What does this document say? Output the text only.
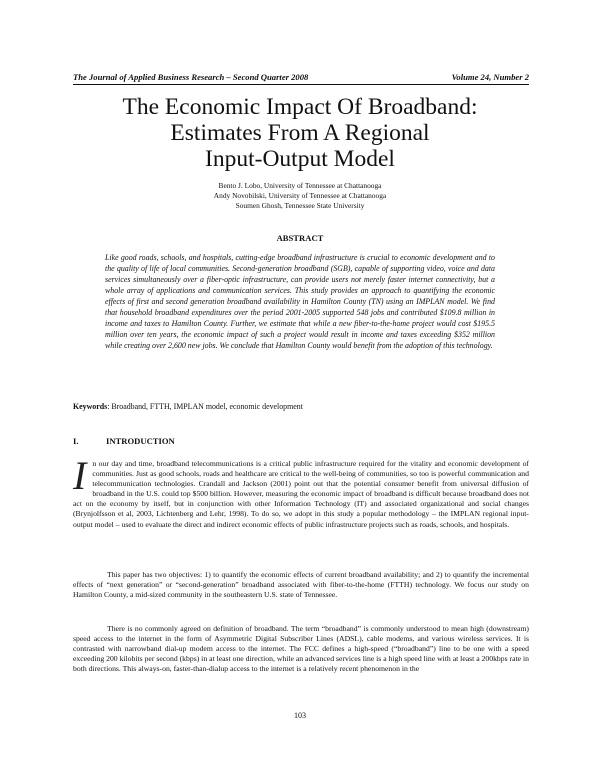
The Journal of Applied Business Research – Second Quarter 2008	Volume 24, Number 2
The Economic Impact Of Broadband:
Estimates From A Regional
Input-Output Model
Bento J. Lobo, University of Tennessee at Chattanooga
Andy Novobilski, University of Tennessee at Chattanooga
Soumen Ghosh, Tennessee State University
ABSTRACT
Like good roads, schools, and hospitals, cutting-edge broadband infrastructure is crucial to economic development and to the quality of life of local communities. Second-generation broadband (SGB), capable of supporting video, voice and data services simultaneously over a fiber-optic infrastructure, can provide users not merely faster internet connectivity, but a whole array of applications and communication services. This study provides an approach to quantifying the economic effects of first and second generation broadband availability in Hamilton County (TN) using an IMPLAN model. We find that household broadband expenditures over the period 2001-2005 supported 548 jobs and contributed $109.8 million in income and taxes to Hamilton County. Further, we estimate that while a new fiber-to-the-home project would cost $195.5 million over ten years, the economic impact of such a project would result in income and taxes exceeding $352 million while creating over 2,600 new jobs. We conclude that Hamilton County would benefit from the adoption of this technology.
Keywords: Broadband, FTTH, IMPLAN model, economic development
I.	INTRODUCTION
In our day and time, broadband telecommunications is a critical public infrastructure required for the vitality and economic development of communities. Just as good schools, roads and healthcare are critical to the well-being of communities, so too is powerful communication and telecommunication technologies. Crandall and Jackson (2001) point out that the potential consumer benefit from universal diffusion of broadband in the U.S. could top $500 billion. However, measuring the economic impact of broadband is difficult because broadband does not act on the economy by itself, but in conjunction with other Information Technology (IT) and associated organizational and social changes (Brynjolfsson et al, 2003, Lichtenberg and Lehr, 1998). To do so, we adopt in this study a popular methodology – the IMPLAN regional input-output model – used to evaluate the direct and indirect economic effects of public infrastructure projects such as roads, schools, and hospitals.
This paper has two objectives: 1) to quantify the economic effects of current broadband availability; and 2) to quantify the incremental effects of “next generation” or “second-generation” broadband associated with fiber-to-the-home (FTTH) technology. We focus our study on Hamilton County, a mid-sized community in the southeastern U.S. state of Tennessee.
There is no commonly agreed on definition of broadband. The term “broadband” is commonly understood to mean high (downstream) speed access to the internet in the form of Asymmetric Digital Subscriber Lines (ADSL), cable modems, and various wireless services. It is contrasted with narrowband dial-up modem access to the internet. The FCC defines a high-speed (“broadband”) line to be one with a speed exceeding 200 kilobits per second (kbps) in at least one direction, while an advanced services line is a high speed line with at least a 200kbps rate in both directions. This always-on, faster-than-dialup access to the internet is a relatively recent phenomenon in the
103
